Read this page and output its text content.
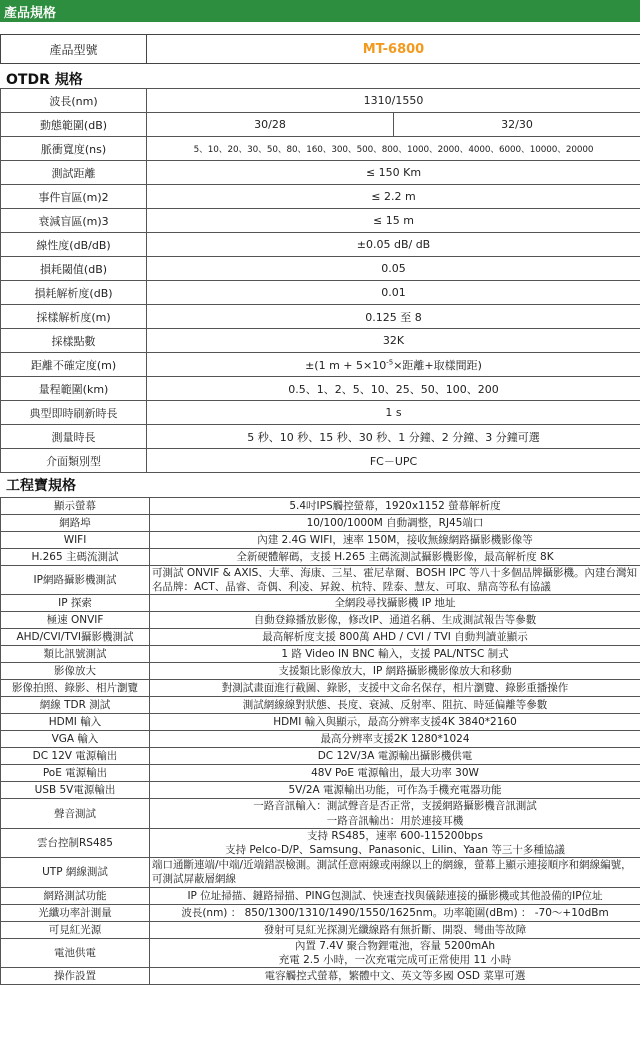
產品規格
產品型號	MT-6800
OTDR 規格
波長(nm)	1310/1550	
動態範圍(dB)	30/28	32/30
脈衝寬度(ns)	5、10、20、30、50、80、160、300、500、800、1000、2000、4000、6000、10000、20000	
測試距離	≤ 150 Km	
事件盲區(m)2	≤ 2.2 m	
衰減盲區(m)3	≤ 15 m	
線性度(dB/dB)	±0.05 dB/ dB	
損耗閾值(dB)	0.05	
損耗解析度(dB)	0.01	
採樣解析度(m)	0.125 至 8	
採樣點數	32K	
距離不確定度(m)	±(1 $m + 5\times 10^{-5}\times$距離+取樣間距)	
量程範圍(km)	0.5、1、2、5、10、25、50、100、200	
典型即時刷新時長	1 s	
測量時長	5 秒、10 秒、15 秒、30 秒、1 分鐘、2 分鐘、3 分鐘可選	
介面類別型	FC－UPC	
工程寶規格
顯示螢幕	5.4吋IPS觸控螢幕，1920x1152 螢幕解析度
網路埠	10/100/1000M 自動調整，RJ45端口
WIFI	內建 2.4G WIFI，速率 150M，接收無線網路攝影機影像等
H.265 主碼流測試	全新硬體解碼，支援 H.265 主碼流測試攝影機影像，最高解析度 8K
IP網路攝影機測試	可測試 ONVIF & AXIS、大華、海康、三星、霍尼韋爾、BOSH IPC 等八十多個品牌攝影機。內建台灣知名品牌：ACT、晶睿、奇偶、利凌、昇銳、杭特、陞泰、慧友、可取、鼎高等私有協議
IP 探索	全網段尋找攝影機 IP 地址
極速 ONVIF	自動登錄播放影像，修改IP、通道名稱、生成測試報告等參數
AHD/CVI/TVI攝影機測試	最高解析度支援 800萬 AHD / CVI / TVI 自動判讀並顯示
類比訊號測試	1 路 Video IN BNC 輸入，支援 PAL/NTSC 制式
影像放大	支援類比影像放大，IP 網路攝影機影像放大和移動
影像拍照、錄影、相片瀏覽	對測試畫面進行截圖、錄影，支援中文命名保存，相片瀏覽、錄影重播操作
網線 TDR 測試	測試網線線對狀態、長度、衰減、反射率、阻抗、時延偏離等參數
HDMI 輸入	HDMI 輸入與顯示，最高分辨率支援4K 3840*2160
VGA 輸入	最高分辨率支援2K 1280*1024
DC 12V 電源輸出	DC 12V/3A 電源輸出攝影機供電
PoE 電源輸出	48V PoE 電源輸出，最大功率 30W
USB 5V電源輸出	5V/2A 電源輸出功能，可作為手機充電器功能
聲音測試	一路音訊輸入：測試聲音是否正常，支援網路攝影機音訊測試
一路音訊輸出：用於連接耳機
雲台控制RS485	支持 RS485，速率 600-115200bps
支持 Pelco-D/P、Samsung、Panasonic、Lilin、Yaan 等三十多種協議
UTP 網線測試	端口通斷連端/中端/近端錯誤檢測。測試任意兩線或兩線以上的網線，螢幕上顯示連接順序和網線編號，可測試屏蔽層網線
網路測試功能	IP 位址掃描、鏈路掃描、PING包測試、快速查找與儀錶連接的攝影機或其他設備的IP位址
光纖功率計測量	波長(nm) ： 850/1300/1310/1490/1550/1625nm。功率範圍(dBm) ： -70～+10dBm
可見紅光源	發射可見紅光探測光纖線路有無折斷、開裂、彎曲等故障
電池供電	內置 7.4V 聚合物鋰電池，容量 5200mAh
充電 2.5 小時，一次充電完成可正常使用 11 小時
操作設置	電容觸控式螢幕，繁體中文、英文等多國 OSD 菜單可選
